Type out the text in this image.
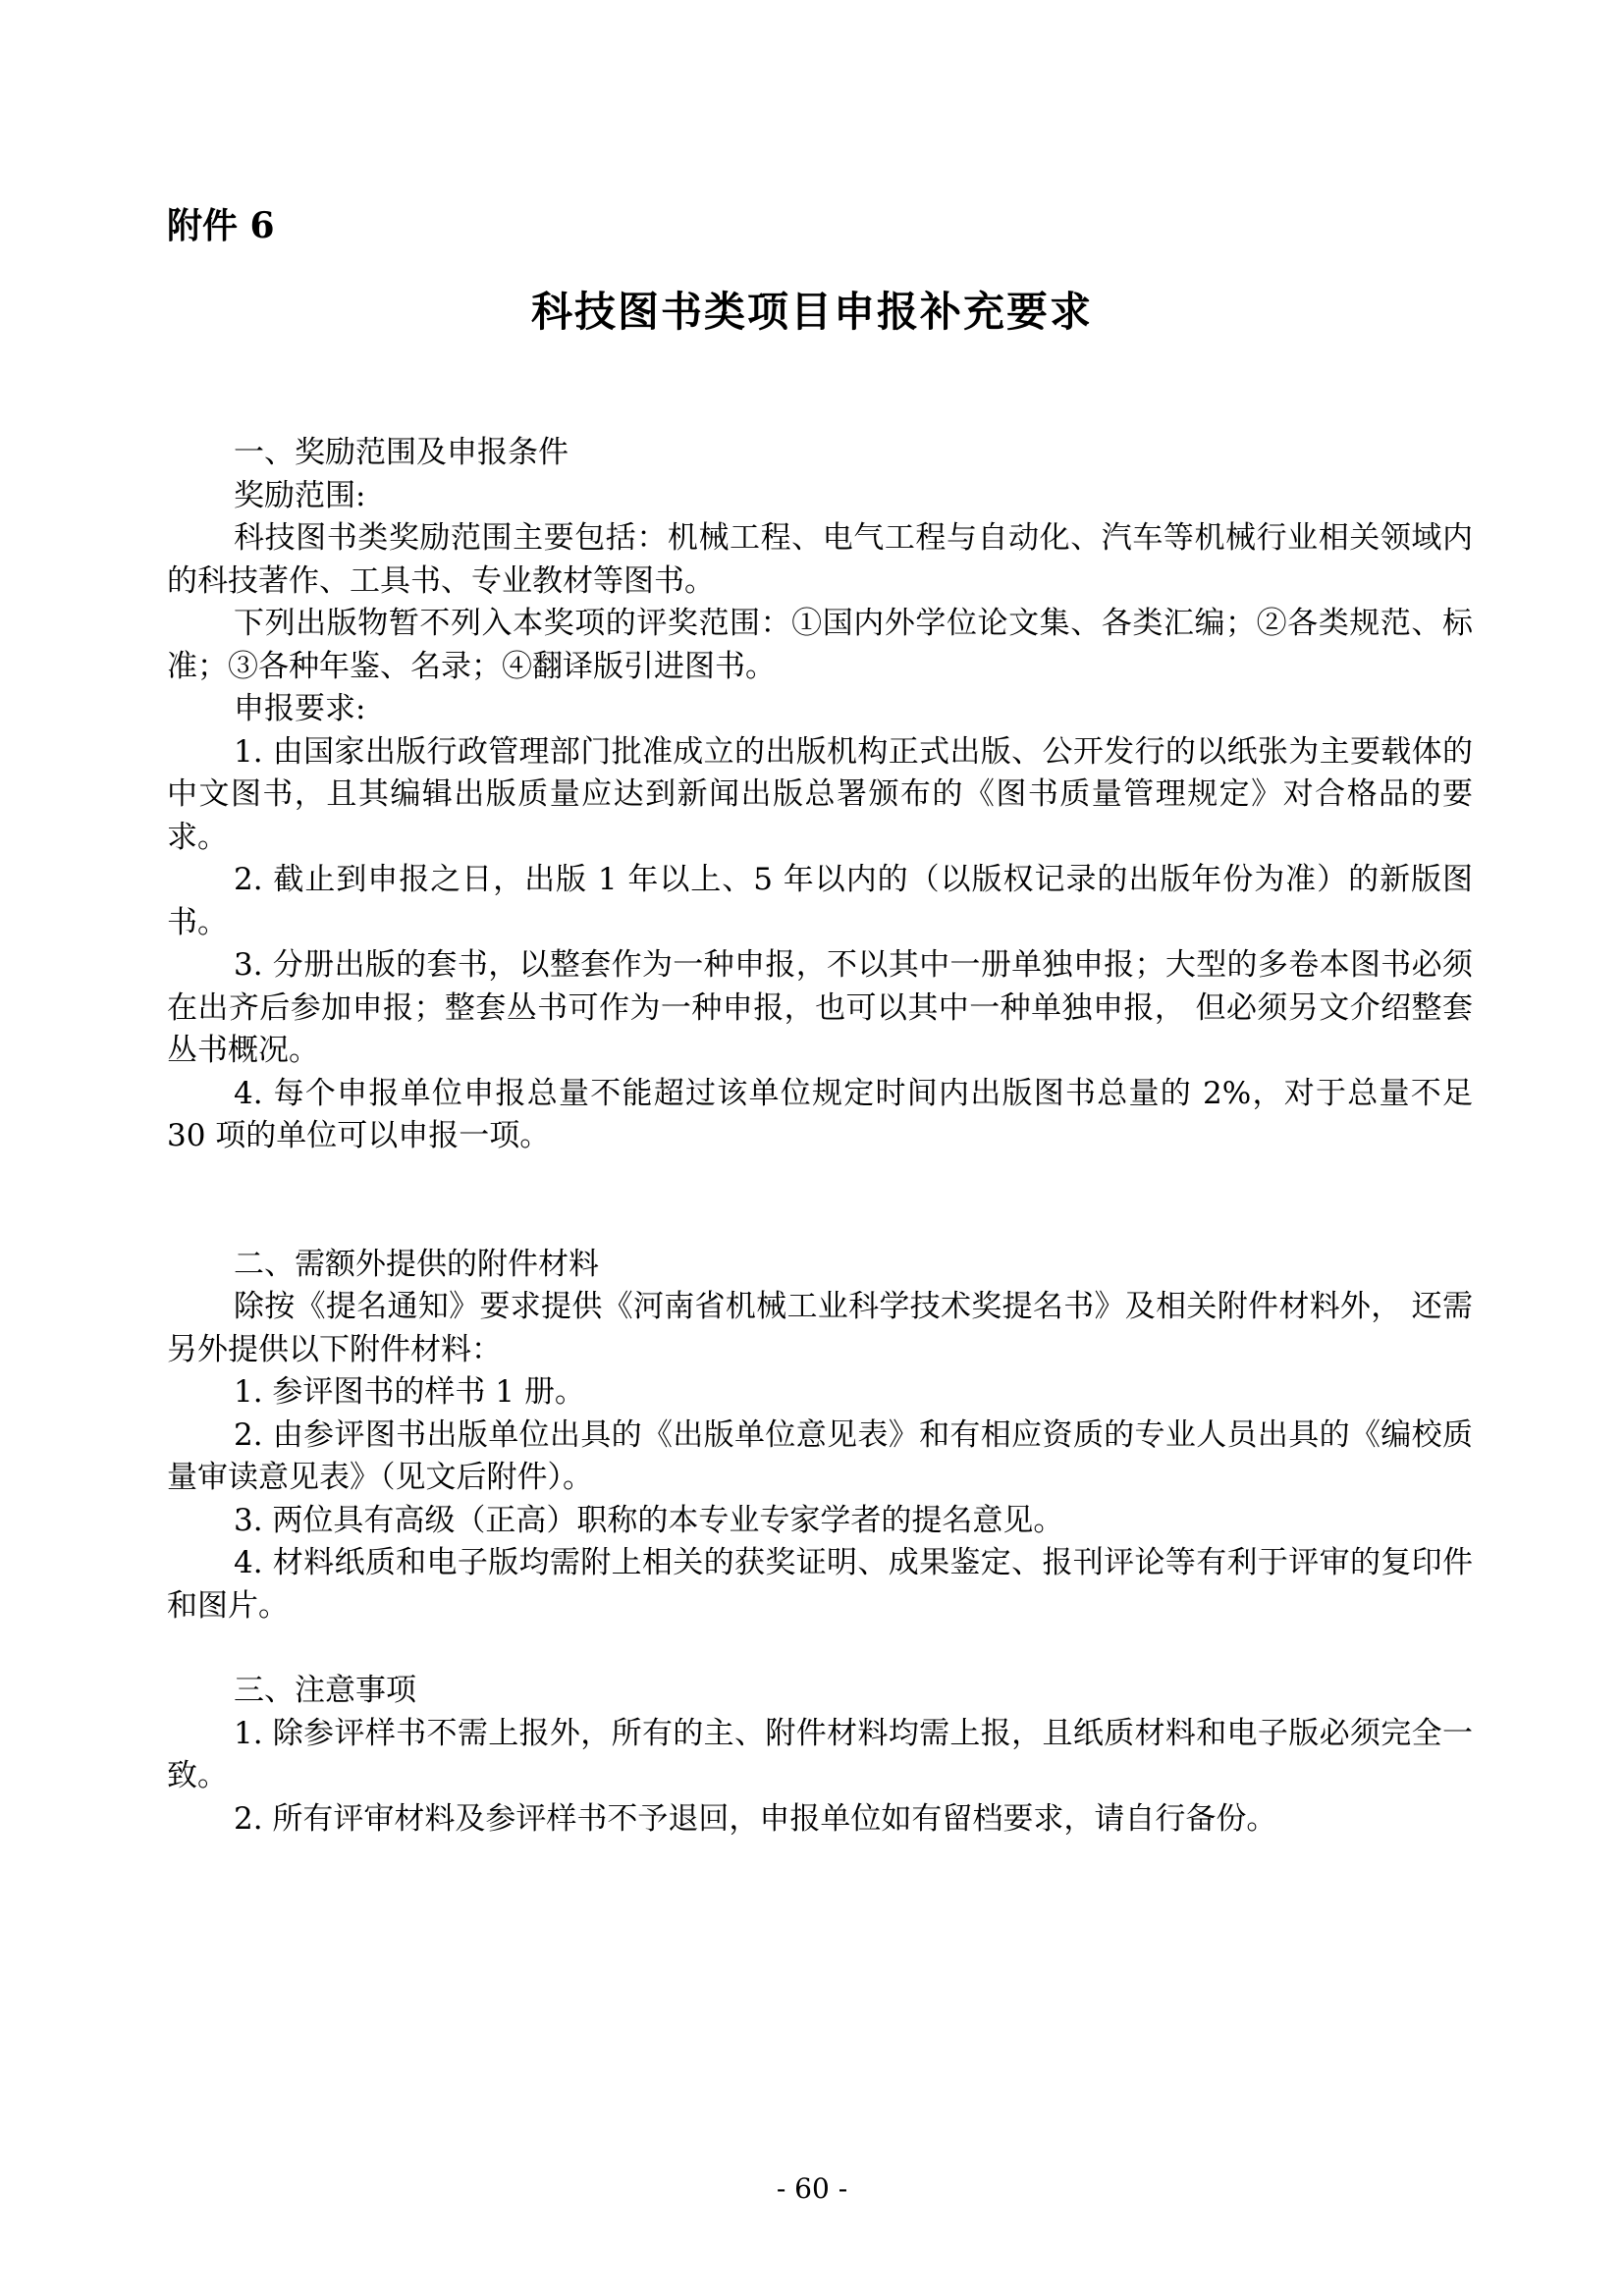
附件 6
科技图书类项目申报补充要求

一、奖励范围及申报条件

奖励范围:

科技图书类奖励范围主要包括：机械工程、电气工程与自动化、汽车等机械行业相关领域内的科技著作、工具书、专业教材等图书。

下列出版物暂不列入本奖项的评奖范围：①国内外学位论文集、各类汇编；②各类规范、标准；③各种年鉴、名录；④翻译版引进图书。

申报要求:

1. 由国家出版行政管理部门批准成立的出版机构正式出版、公开发行的以纸张为主要载体的中文图书，且其编辑出版质量应达到新闻出版总署颁布的《图书质量管理规定》对合格品的要求。

2. 截止到申报之日，出版 1 年以上、5 年以内的（以版权记录的出版年份为准）的新版图书。

3. 分册出版的套书，以整套作为一种申报，不以其中一册单独申报；大型的多卷本图书必须在出齐后参加申报；整套丛书可作为一种申报，也可以其中一种单独申报， 但必须另文介绍整套丛书概况。

4. 每个申报单位申报总量不能超过该单位规定时间内出版图书总量的 2%，对于总量不足 30 项的单位可以申报一项。

二、需额外提供的附件材料

除按《提名通知》要求提供《河南省机械工业科学技术奖提名书》及相关附件材料外， 还需另外提供以下附件材料：

1. 参评图书的样书 1 册。

2. 由参评图书出版单位出具的《出版单位意见表》和有相应资质的专业人员出具的《编校质量审读意见表》（见文后附件）。

3. 两位具有高级（正高）职称的本专业专家学者的提名意见。

4. 材料纸质和电子版均需附上相关的获奖证明、成果鉴定、报刊评论等有利于评审的复印件和图片。

三、注意事项

1. 除参评样书不需上报外，所有的主、附件材料均需上报，且纸质材料和电子版必须完全一致。

2. 所有评审材料及参评样书不予退回，申报单位如有留档要求，请自行备份。

- 60 -
